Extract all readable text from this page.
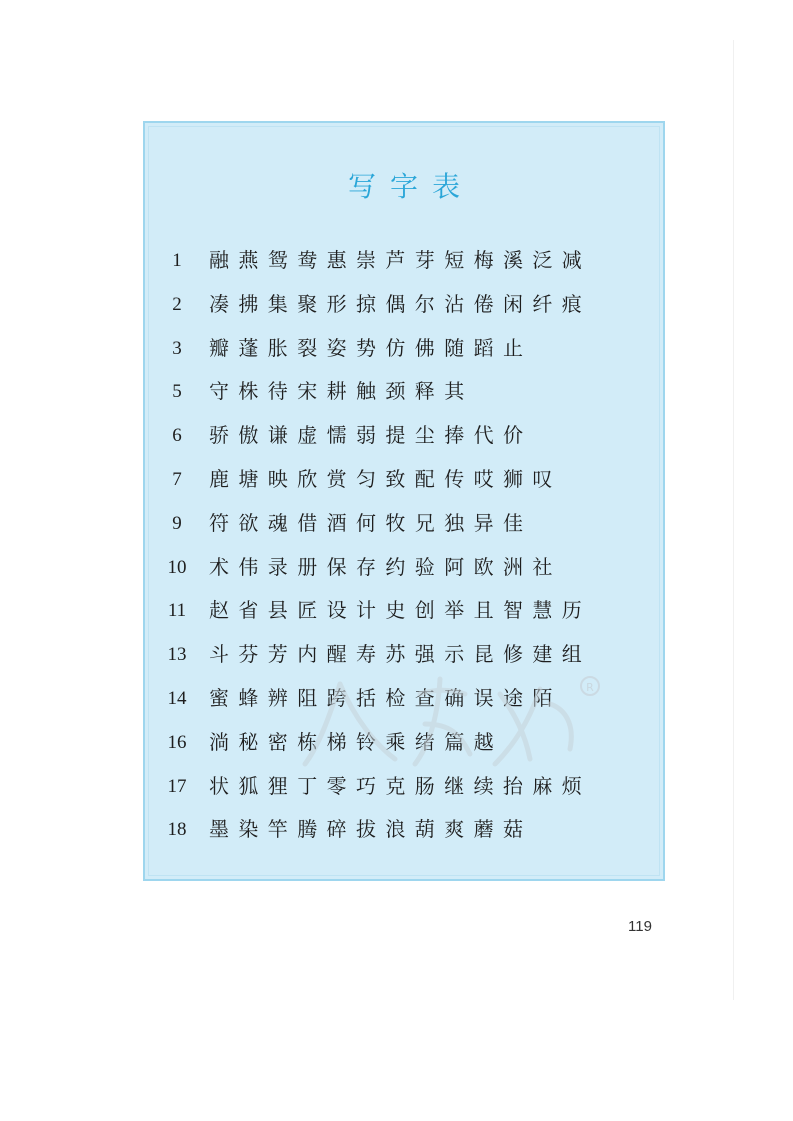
写字表
1	融燕鸳鸯惠崇芦芽短梅溪泛减
2	凑拂集聚形掠偶尔沾倦闲纤痕
3	瓣蓬胀裂姿势仿佛随蹈止
5	守株待宋耕触颈释其
6	骄傲谦虚懦弱提尘捧代价
7	鹿塘映欣赏匀致配传哎狮叹
9	符欲魂借酒何牧兄独异佳
10	术伟录册保存约验阿欧洲社
11	赵省县匠设计史创举且智慧历
13	斗芬芳内醒寿苏强示昆修建组
14	蜜蜂辨阻跨括检查确误途陌
16	淌秘密栋梯铃乘绪篇越
17	状狐狸丁零巧克肠继续抬麻烦
18	墨染竿腾碎拔浪葫爽蘑菇
R
119
